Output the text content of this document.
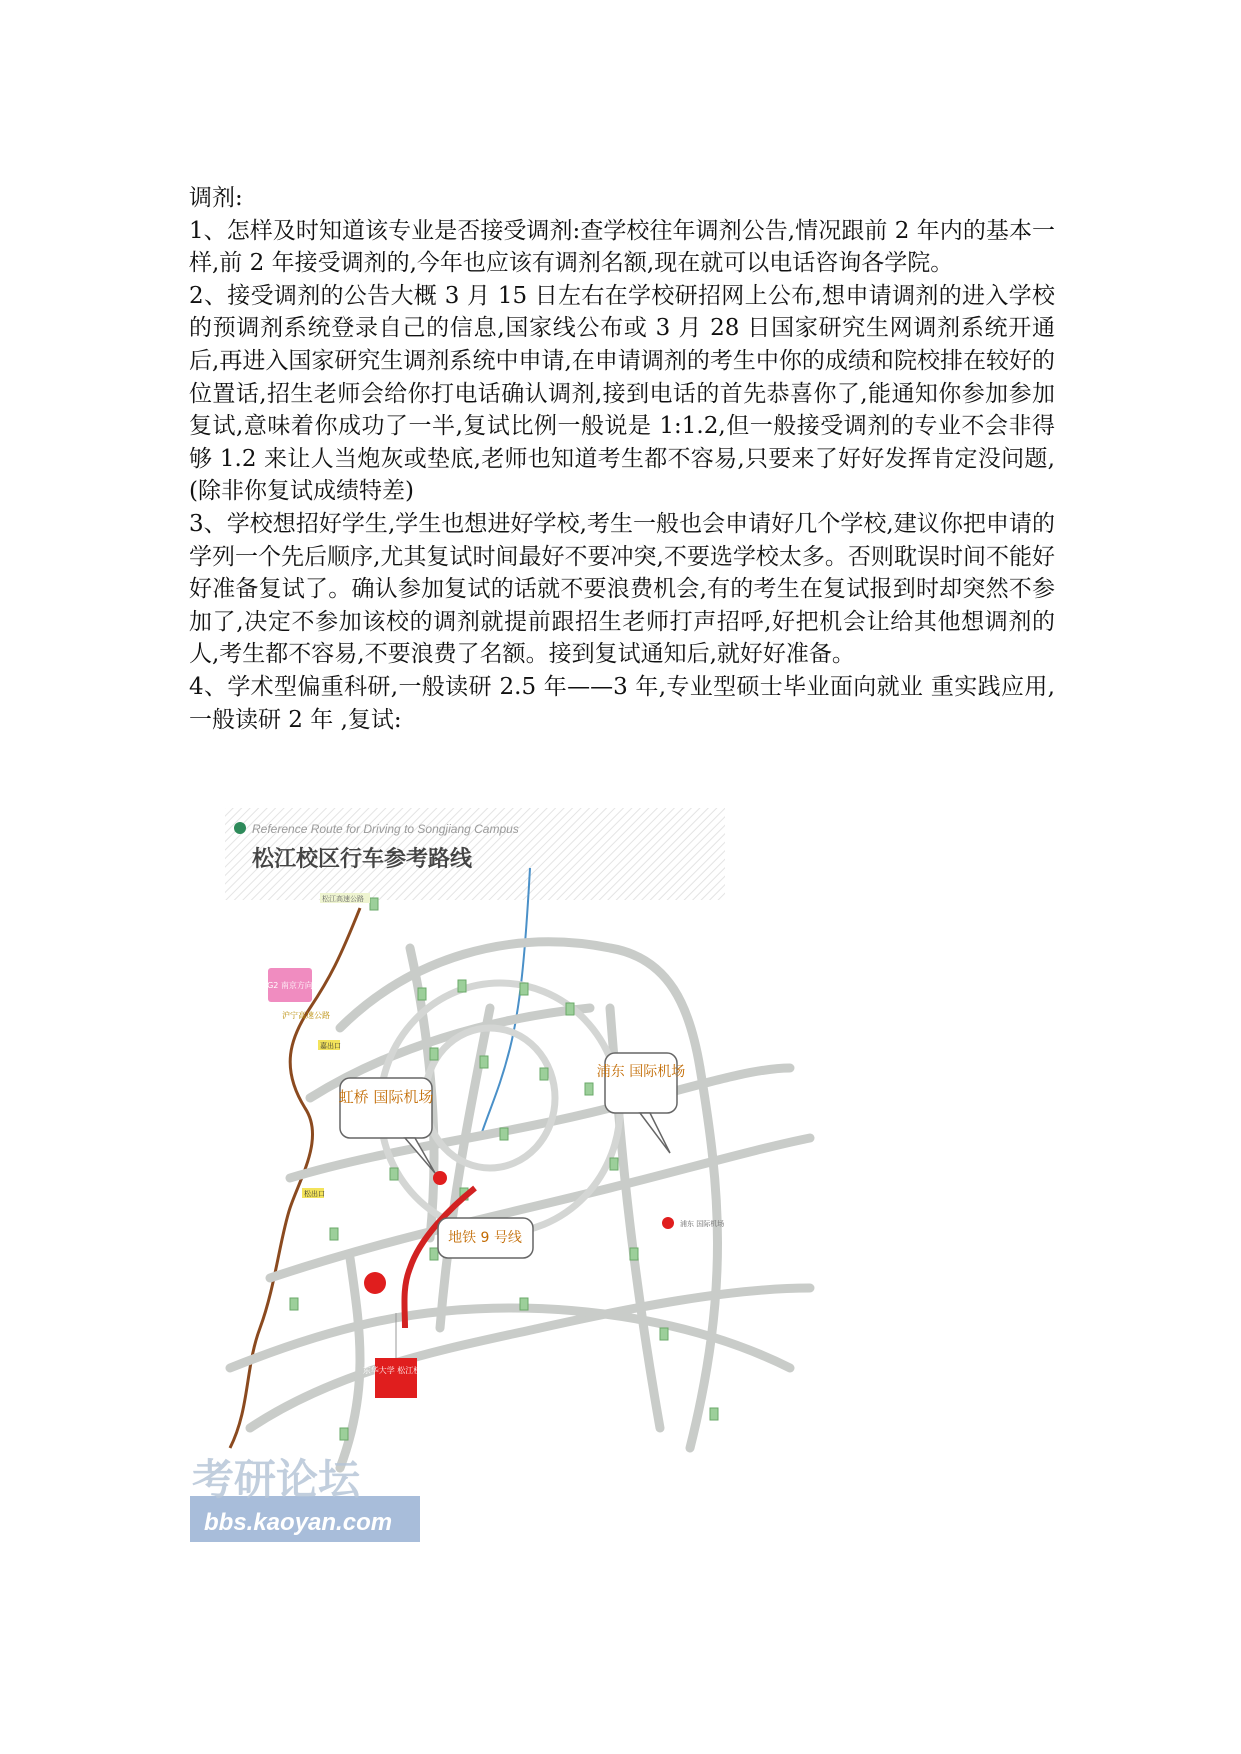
调剂:

1、怎样及时知道该专业是否接受调剂:查学校往年调剂公告,情况跟前 2 年内的基本一样,前 2 年接受调剂的,今年也应该有调剂名额,现在就可以电话咨询各学院。

2、接受调剂的公告大概 3 月 15 日左右在学校研招网上公布,想申请调剂的进入学校的预调剂系统登录自己的信息,国家线公布或 3 月 28 日国家研究生网调剂系统开通后,再进入国家研究生调剂系统中申请,在申请调剂的考生中你的成绩和院校排在较好的位置话,招生老师会给你打电话确认调剂,接到电话的首先恭喜你了,能通知你参加参加复试,意味着你成功了一半,复试比例一般说是 1:1.2,但一般接受调剂的专业不会非得够 1.2 来让人当炮灰或垫底,老师也知道考生都不容易,只要来了好好发挥肯定没问题,(除非你复试成绩特差)

3、学校想招好学生,学生也想进好学校,考生一般也会申请好几个学校,建议你把申请的学列一个先后顺序,尤其复试时间最好不要冲突,不要选学校太多。否则耽误时间不能好好准备复试了。确认参加复试的话就不要浪费机会,有的考生在复试报到时却突然不参加了,决定不参加该校的调剂就提前跟招生老师打声招呼,好把机会让给其他想调剂的人,考生都不容易,不要浪费了名额。接到复试通知后,就好好准备。

4、学术型偏重科研,一般读研 2.5 年——3 年,专业型硕士毕业面向就业 重实践应用,一般读研 2 年 ,复试:

Reference Route for Driving to Songjiang Campus
松江校区行车参考路线
虹桥 国际机场
浦东 国际机场
浦东 国际机场
地铁 9 号线
东华大学 松江校区
G2 南京方向
沪宁高速公路
松江高速公路
嘉出口
松出口
考研论坛
bbs.kaoyan.com
